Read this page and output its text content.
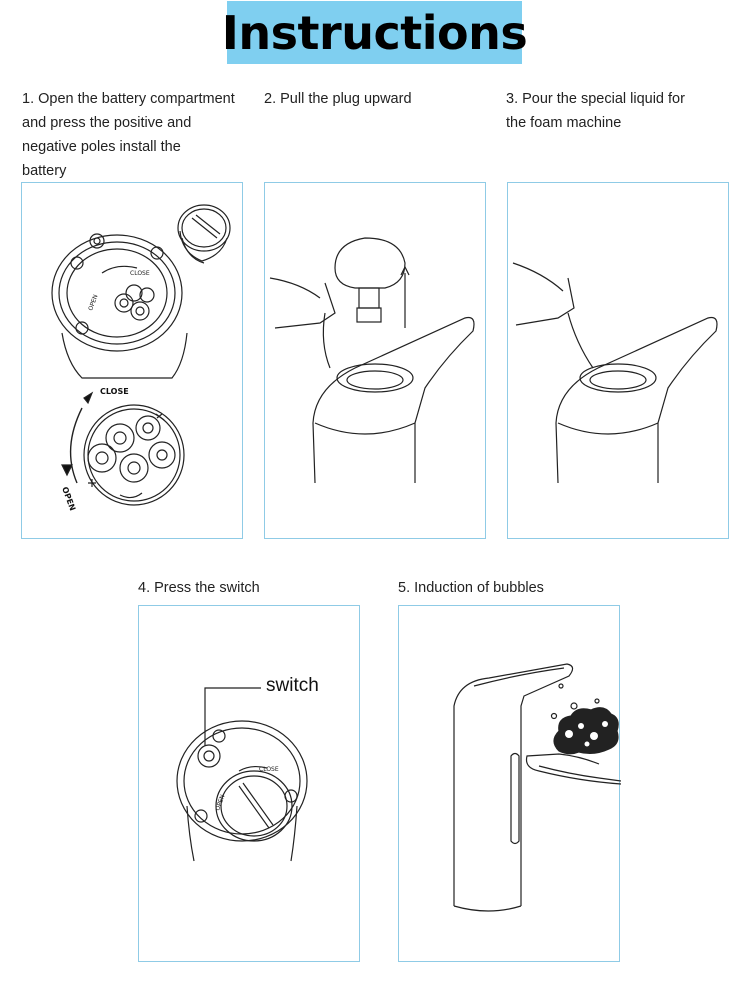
Instructions
1. Open the battery compartment
and press the positive and
negative poles install the
battery
2. Pull the plug upward	3. Pour the special liquid for
the foam machine
4. Press the switch	5. Induction of bubbles
CLOSE
OPEN
CLOSE
OPEN
CLOSE
OPEN
switch
